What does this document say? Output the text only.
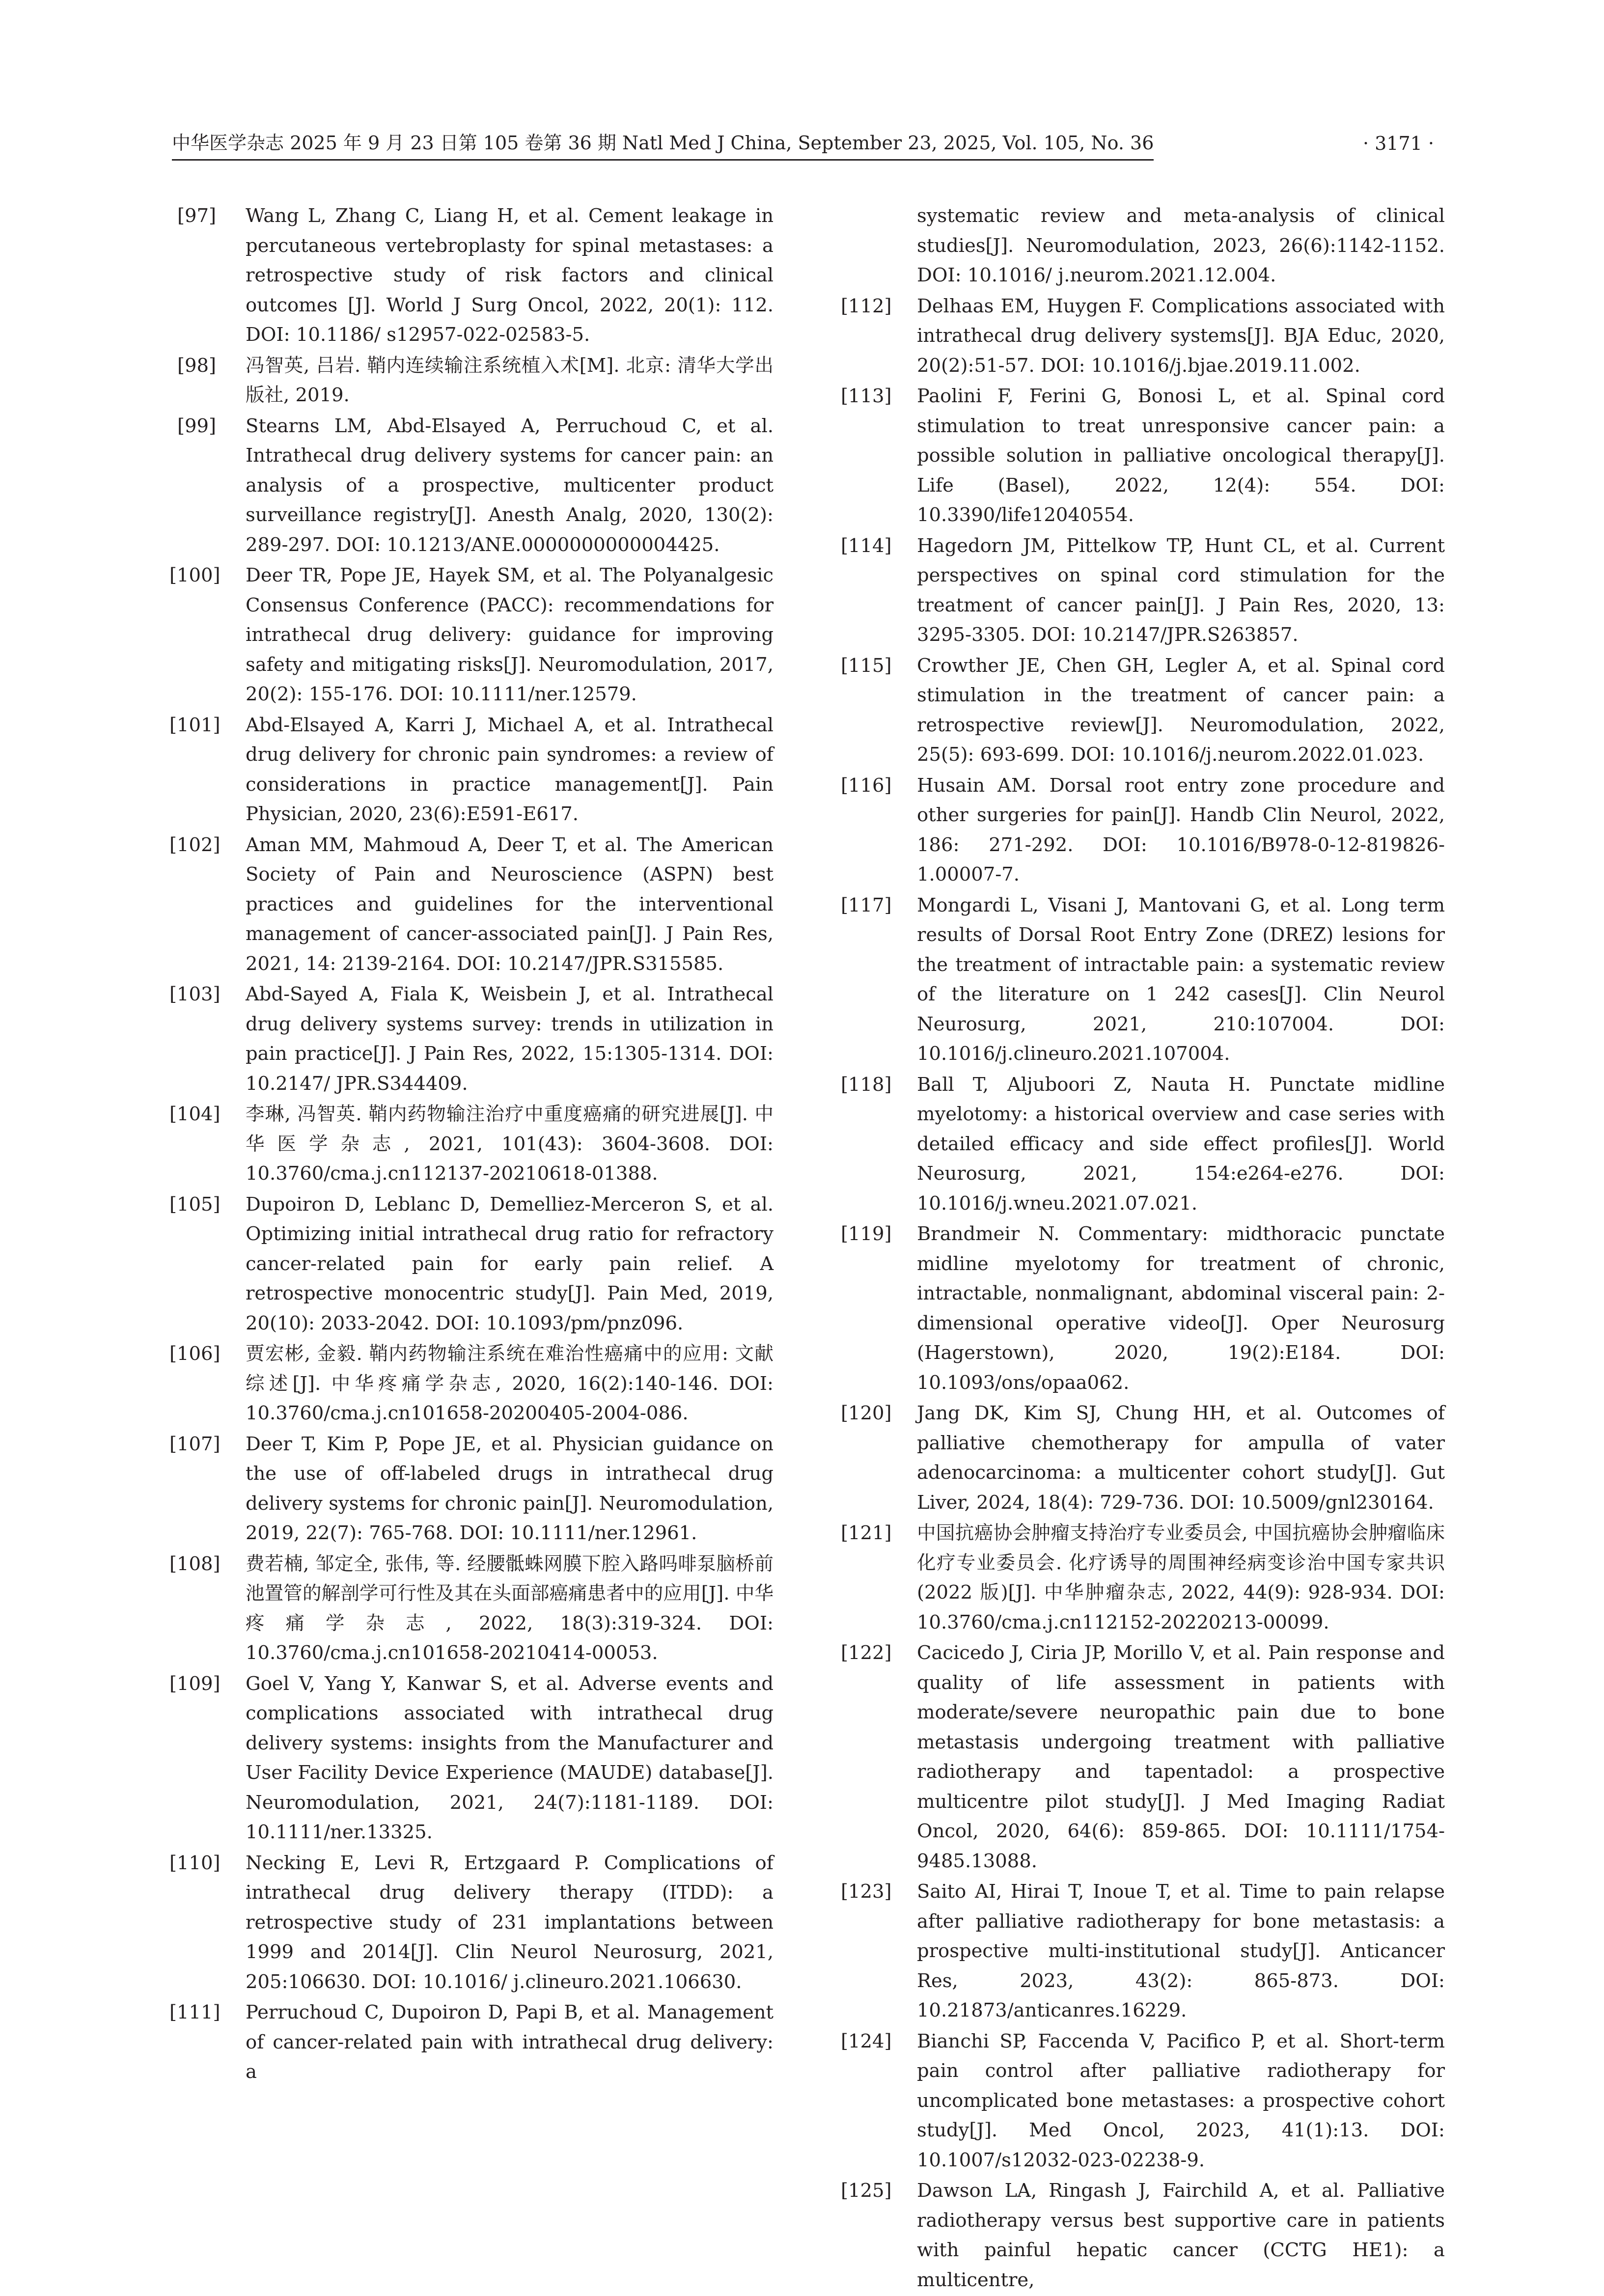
中华医学杂志 2025 年 9 月 23 日第 105 卷第 36 期 Natl Med J China, September 23, 2025, Vol. 105, No. 36	· 3171 ·
[97]	Wang L, Zhang C, Liang H, et al. Cement leakage in percutaneous vertebroplasty for spinal metastases: a retrospective study of risk factors and clinical outcomes [J]. World J Surg Oncol, 2022, 20(1): 112. DOI: 10.1186/ s12957-022-02583-5.
[98]	冯智英, 吕岩. 鞘内连续输注系统植入术[M]. 北京: 清华大学出版社, 2019.
[99]	Stearns LM, Abd-Elsayed A, Perruchoud C, et al. Intrathecal drug delivery systems for cancer pain: an analysis of a prospective, multicenter product surveillance registry[J]. Anesth Analg, 2020, 130(2): 289-297. DOI: 10.1213/ANE.0000000000004425.
[100]	Deer TR, Pope JE, Hayek SM, et al. The Polyanalgesic Consensus Conference (PACC): recommendations for intrathecal drug delivery: guidance for improving safety and mitigating risks[J]. Neuromodulation, 2017, 20(2): 155-176. DOI: 10.1111/ner.12579.
[101]	Abd-Elsayed A, Karri J, Michael A, et al. Intrathecal drug delivery for chronic pain syndromes: a review of considerations in practice management[J]. Pain Physician, 2020, 23(6):E591-E617.
[102]	Aman MM, Mahmoud A, Deer T, et al. The American Society of Pain and Neuroscience (ASPN) best practices and guidelines for the interventional management of cancer-associated pain[J]. J Pain Res, 2021, 14: 2139-2164. DOI: 10.2147/JPR.S315585.
[103]	Abd-Sayed A, Fiala K, Weisbein J, et al. Intrathecal drug delivery systems survey: trends in utilization in pain practice[J]. J Pain Res, 2022, 15:1305-1314. DOI: 10.2147/ JPR.S344409.
[104]	李琳, 冯智英. 鞘内药物输注治疗中重度癌痛的研究进展[J]. 中华医学杂志, 2021, 101(43): 3604-3608. DOI: 10.3760/cma.j.cn112137-20210618-01388.
[105]	Dupoiron D, Leblanc D, Demelliez-Merceron S, et al. Optimizing initial intrathecal drug ratio for refractory cancer-related pain for early pain relief. A retrospective monocentric study[J]. Pain Med, 2019, 20(10): 2033-2042. DOI: 10.1093/pm/pnz096.
[106]	贾宏彬, 金毅. 鞘内药物输注系统在难治性癌痛中的应用: 文献综述[J]. 中华疼痛学杂志, 2020, 16(2):140-146. DOI: 10.3760/cma.j.cn101658-20200405-2004-086.
[107]	Deer T, Kim P, Pope JE, et al. Physician guidance on the use of off-labeled drugs in intrathecal drug delivery systems for chronic pain[J]. Neuromodulation, 2019, 22(7): 765-768. DOI: 10.1111/ner.12961.
[108]	费若楠, 邹定全, 张伟, 等. 经腰骶蛛网膜下腔入路吗啡泵脑桥前池置管的解剖学可行性及其在头面部癌痛患者中的应用[J]. 中华疼痛学杂志, 2022, 18(3):319-324. DOI: 10.3760/cma.j.cn101658-20210414-00053.
[109]	Goel V, Yang Y, Kanwar S, et al. Adverse events and complications associated with intrathecal drug delivery systems: insights from the Manufacturer and User Facility Device Experience (MAUDE) database[J]. Neuromodulation, 2021, 24(7):1181-1189. DOI: 10.1111/ner.13325.
[110]	Necking E, Levi R, Ertzgaard P. Complications of intrathecal drug delivery therapy (ITDD): a retrospective study of 231 implantations between 1999 and 2014[J]. Clin Neurol Neurosurg, 2021, 205:106630. DOI: 10.1016/ j.clineuro.2021.106630.
[111]	Perruchoud C, Dupoiron D, Papi B, et al. Management of cancer-related pain with intrathecal drug delivery: a
systematic review and meta-analysis of clinical studies[J]. Neuromodulation, 2023, 26(6):1142-1152. DOI: 10.1016/ j.neurom.2021.12.004.
[112]	Delhaas EM, Huygen F. Complications associated with intrathecal drug delivery systems[J]. BJA Educ, 2020, 20(2):51-57. DOI: 10.1016/j.bjae.2019.11.002.
[113]	Paolini F, Ferini G, Bonosi L, et al. Spinal cord stimulation to treat unresponsive cancer pain: a possible solution in palliative oncological therapy[J]. Life (Basel), 2022, 12(4): 554. DOI: 10.3390/life12040554.
[114]	Hagedorn JM, Pittelkow TP, Hunt CL, et al. Current perspectives on spinal cord stimulation for the treatment of cancer pain[J]. J Pain Res, 2020, 13: 3295-3305. DOI: 10.2147/JPR.S263857.
[115]	Crowther JE, Chen GH, Legler A, et al. Spinal cord stimulation in the treatment of cancer pain: a retrospective review[J]. Neuromodulation, 2022, 25(5): 693-699. DOI: 10.1016/j.neurom.2022.01.023.
[116]	Husain AM. Dorsal root entry zone procedure and other surgeries for pain[J]. Handb Clin Neurol, 2022, 186: 271-292. DOI: 10.1016/B978-0-12-819826-1.00007-7.
[117]	Mongardi L, Visani J, Mantovani G, et al. Long term results of Dorsal Root Entry Zone (DREZ) lesions for the treatment of intractable pain: a systematic review of the literature on 1 242 cases[J]. Clin Neurol Neurosurg, 2021, 210:107004. DOI: 10.1016/j.clineuro.2021.107004.
[118]	Ball T, Aljuboori Z, Nauta H. Punctate midline myelotomy: a historical overview and case series with detailed efficacy and side effect profiles[J]. World Neurosurg, 2021, 154:e264-e276. DOI: 10.1016/j.wneu.2021.07.021.
[119]	Brandmeir N. Commentary: midthoracic punctate midline myelotomy for treatment of chronic, intractable, nonmalignant, abdominal visceral pain: 2-dimensional operative video[J]. Oper Neurosurg (Hagerstown), 2020, 19(2):E184. DOI: 10.1093/ons/opaa062.
[120]	Jang DK, Kim SJ, Chung HH, et al. Outcomes of palliative chemotherapy for ampulla of vater adenocarcinoma: a multicenter cohort study[J]. Gut Liver, 2024, 18(4): 729-736. DOI: 10.5009/gnl230164.
[121]	中国抗癌协会肿瘤支持治疗专业委员会, 中国抗癌协会肿瘤临床化疗专业委员会. 化疗诱导的周围神经病变诊治中国专家共识(2022 版)[J]. 中华肿瘤杂志, 2022, 44(9): 928-934. DOI: 10.3760/cma.j.cn112152-20220213-00099.
[122]	Cacicedo J, Ciria JP, Morillo V, et al. Pain response and quality of life assessment in patients with moderate/severe neuropathic pain due to bone metastasis undergoing treatment with palliative radiotherapy and tapentadol: a prospective multicentre pilot study[J]. J Med Imaging Radiat Oncol, 2020, 64(6): 859-865. DOI: 10.1111/1754-9485.13088.
[123]	Saito AI, Hirai T, Inoue T, et al. Time to pain relapse after palliative radiotherapy for bone metastasis: a prospective multi-institutional study[J]. Anticancer Res, 2023, 43(2): 865-873. DOI: 10.21873/anticanres.16229.
[124]	Bianchi SP, Faccenda V, Pacifico P, et al. Short-term pain control after palliative radiotherapy for uncomplicated bone metastases: a prospective cohort study[J]. Med Oncol, 2023, 41(1):13. DOI: 10.1007/s12032-023-02238-9.
[125]	Dawson LA, Ringash J, Fairchild A, et al. Palliative radiotherapy versus best supportive care in patients with painful hepatic cancer (CCTG HE1): a multicentre,
